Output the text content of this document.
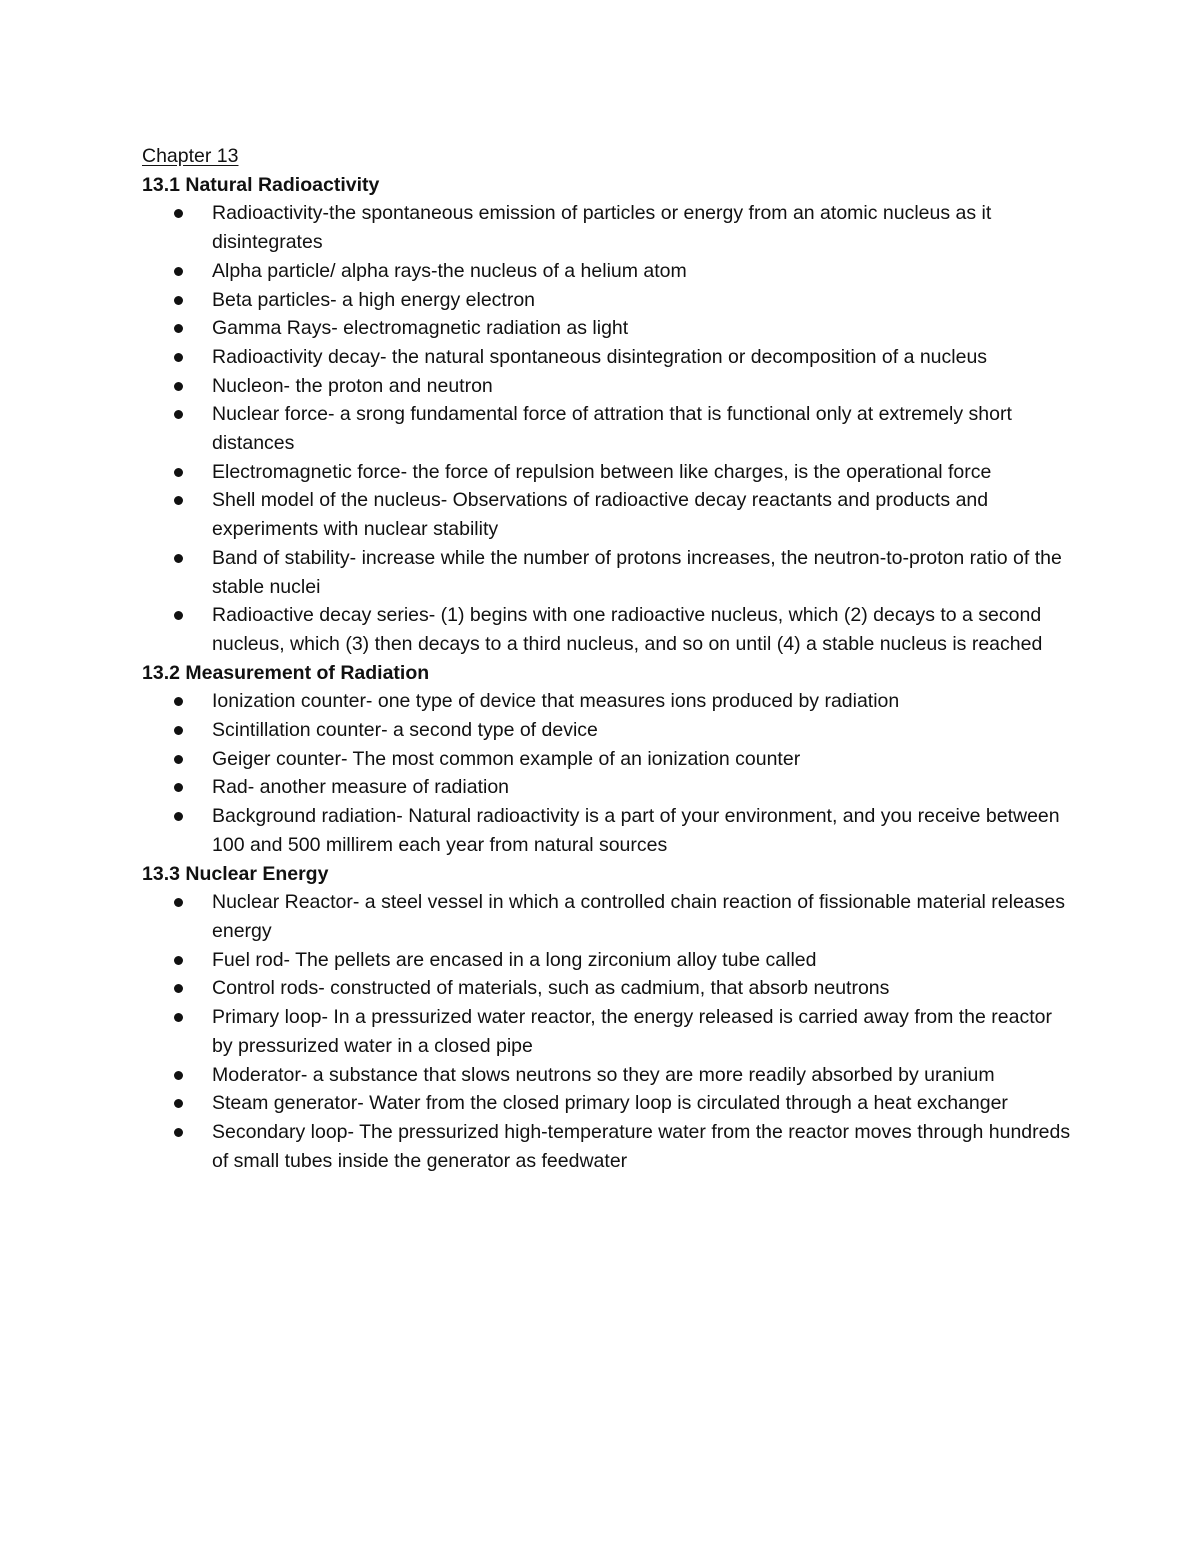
Chapter 13
13.1 Natural Radioactivity
Radioactivity-the spontaneous emission of particles or energy from an atomic nucleus as it disintegrates
Alpha particle/ alpha rays-the nucleus of a helium atom
Beta particles- a high energy electron
Gamma Rays- electromagnetic radiation as light
Radioactivity decay- the natural spontaneous disintegration or decomposition of a nucleus
Nucleon- the proton and neutron
Nuclear force- a srong fundamental force of attration that is functional only at extremely short distances
Electromagnetic force- the force of repulsion between like charges, is the operational force
Shell model of the nucleus- Observations of radioactive decay reactants and products and experiments with nuclear stability
Band of stability- increase while the number of protons increases, the neutron-to-proton ratio of the stable nuclei
Radioactive decay series- (1) begins with one radioactive nucleus, which (2) decays to a second nucleus, which (3) then decays to a third nucleus, and so on until (4) a stable nucleus is reached
13.2 Measurement of Radiation
Ionization counter- one type of device that measures ions produced by radiation
Scintillation counter- a second type of device
Geiger counter- The most common example of an ionization counter
Rad- another measure of radiation
Background radiation- Natural radioactivity is a part of your environment, and you receive between 100 and 500 millirem each year from natural sources
13.3 Nuclear Energy
Nuclear Reactor- a steel vessel in which a controlled chain reaction of fissionable material releases energy
Fuel rod- The pellets are encased in a long zirconium alloy tube called
Control rods- constructed of materials, such as cadmium, that absorb neutrons
Primary loop- In a pressurized water reactor, the energy released is carried away from the reactor by pressurized water in a closed pipe
Moderator- a substance that slows neutrons so they are more readily absorbed by uranium
Steam generator- Water from the closed primary loop is circulated through a heat exchanger
Secondary loop- The pressurized high-temperature water from the reactor moves through hundreds of small tubes inside the generator as feedwater
